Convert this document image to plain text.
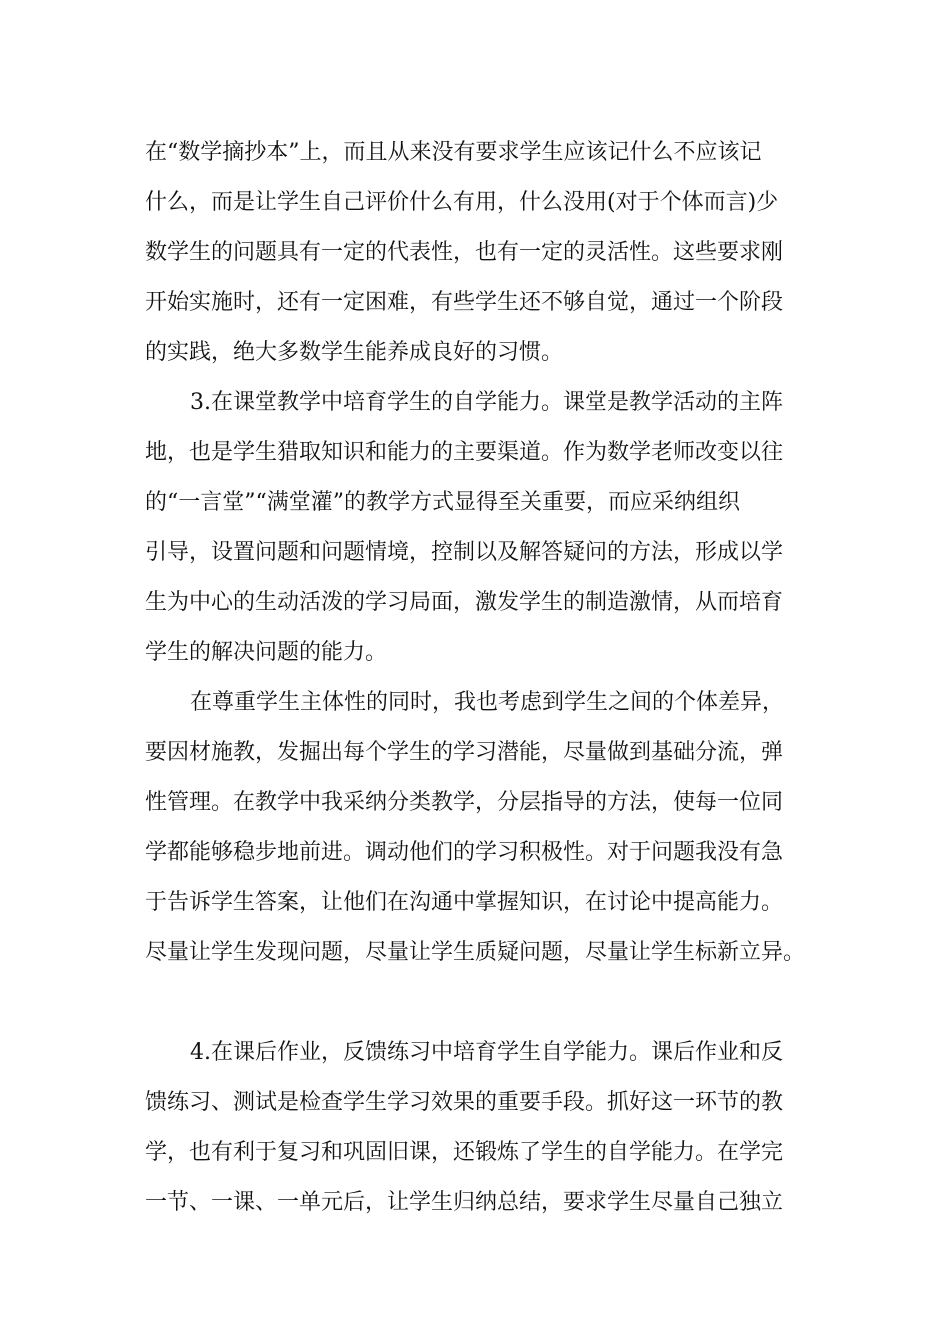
在“数学摘抄本”上，而且从来没有要求学生应该记什么不应该记
什么，而是让学生自己评价什么有用，什么没用(对于个体而言)少
数学生的问题具有一定的代表性，也有一定的灵活性。这些要求刚
开始实施时，还有一定困难，有些学生还不够自觉，通过一个阶段
的实践，绝大多数学生能养成良好的习惯。
3.在课堂教学中培育学生的自学能力。课堂是教学活动的主阵
地，也是学生猎取知识和能力的主要渠道。作为数学老师改变以往
的“一言堂”“满堂灌”的教学方式显得至关重要，而应采纳组织
引导，设置问题和问题情境，控制以及解答疑问的方法，形成以学
生为中心的生动活泼的学习局面，激发学生的制造激情，从而培育
学生的解决问题的能力。
在尊重学生主体性的同时，我也考虑到学生之间的个体差异，
要因材施教，发掘出每个学生的学习潜能，尽量做到基础分流，弹
性管理。在教学中我采纳分类教学，分层指导的方法，使每一位同
学都能够稳步地前进。调动他们的学习积极性。对于问题我没有急
于告诉学生答案，让他们在沟通中掌握知识，在讨论中提高能力。
尽量让学生发现问题，尽量让学生质疑问题，尽量让学生标新立异。
4.在课后作业，反馈练习中培育学生自学能力。课后作业和反
馈练习、测试是检查学生学习效果的重要手段。抓好这一环节的教
学，也有利于复习和巩固旧课，还锻炼了学生的自学能力。在学完
一节、一课、一单元后，让学生归纳总结，要求学生尽量自己独立
